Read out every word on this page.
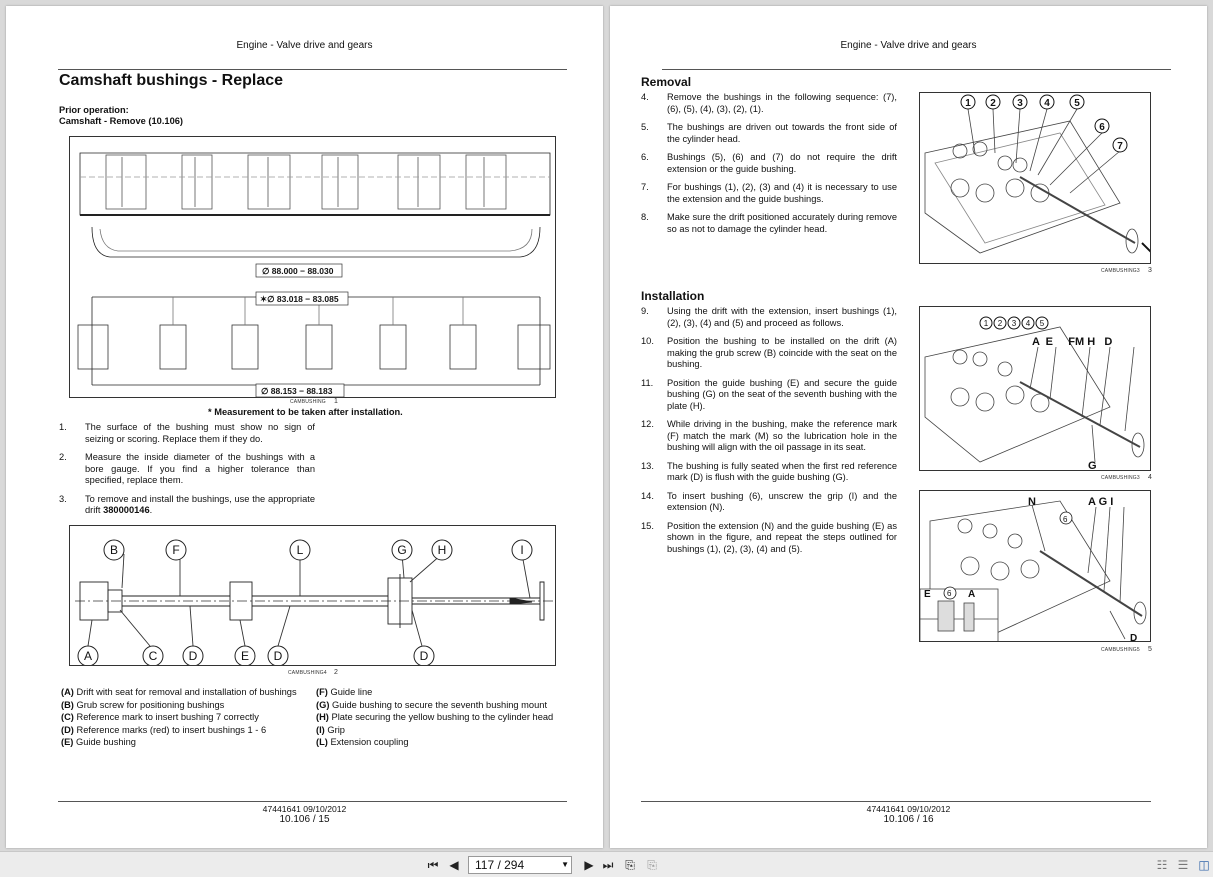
Engine - Valve drive and gears
Camshaft bushings - Replace
Prior operation:
Camshaft - Remove (10.106)
∅ 88.000 − 88.030
✶∅ 83.018 − 83.085
∅ 88.153 − 88.183
CAMBUSHING 1
* Measurement to be taken after installation.
1.	The surface of the bushing must show no sign of seizing or scoring. Replace them if they do.
2.	Measure the inside diameter of the bushings with a bore gauge. If you find a higher tolerance than specified, replace them.
3.	To remove and install the bushings, use the appropriate drift 380000146.
B	F	L	G	H	I
A	C	D	E D	D
CAMBUSHING4 2
(A) Drift with seat for removal and installation of bushings
(B) Grub screw for positioning bushings
(C) Reference mark to insert bushing 7 correctly
(D) Reference marks (red) to insert bushings 1 - 6
(E) Guide bushing
(F) Guide line
(G) Guide bushing to secure the seventh bushing mount
(H) Plate securing the yellow bushing to the cylinder head
(I) Grip
(L) Extension coupling
47441641 09/10/2012
10.106 / 15
Engine - Valve drive and gears
Removal
4.	Remove the bushings in the following sequence: (7), (6), (5), (4), (3), (2), (1).
5.	The bushings are driven out towards the front side of the cylinder head.
6.	Bushings (5), (6) and (7) do not require the drift extension or the guide bushing.
7.	For bushings (1), (2), (3) and (4) it is necessary to use the extension and the guide bushings.
8.	Make sure the drift positioned accurately during remove so as not to damage the cylinder head.
1 2 3 4 5
6
7
CAMBUSHING3 3
Installation
9.	Using the drift with the extension, insert bushings (1), (2), (3), (4) and (5) and proceed as follows.
10.	Position the bushing to be installed on the drift (A) making the grub screw (B) coincide with the seat on the bushing.
11.	Position the guide bushing (E) and secure the guide bushing (G) on the seat of the seventh bushing with the plate (H).
12.	While driving in the bushing, make the reference mark (F) match the mark (M) so the lubrication hole in the bushing will align with the oil passage in its seat.
13.	The bushing is fully seated when the first red reference mark (D) is flush with the guide bushing (G).
14.	To insert bushing (6), unscrew the grip (I) and the extension (N).
15.	Position the extension (N) and the guide bushing (E) as shown in the figure, and repeat the steps outlined for bushings (1), (2), (3), (4) and (5).
1 2 3 4 5
A  E     FM H   D
G
CAMBUSHING3 4
N	A G I
6
E 6 A
D
CAMBUSHING5 5
47441641 09/10/2012
10.106 / 16
⏮ ◀	117 / 294	▼ ▶ ⏭ ⎘ ⎘	☷ ☰ ◫
